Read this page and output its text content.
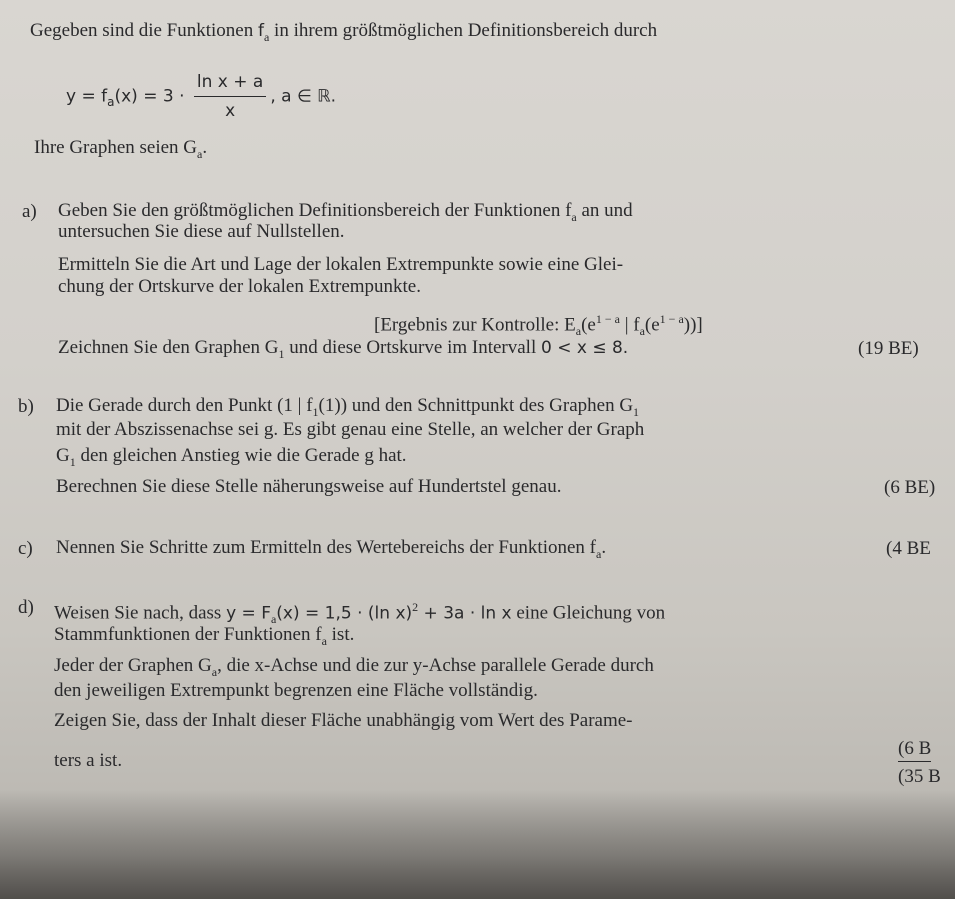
Gegeben sind die Funktionen $f_a$ in ihrem größtmöglichen Definitionsbereich durch
$y = f_a(x) = 3 \cdot \frac{\text{ln x + a}}{x}$ , a ∈ ℝ.
Ihre Graphen seien $G_a$.
a) Geben Sie den größtmöglichen Definitionsbereich der Funktionen $f_a$ an und
untersuchen Sie diese auf Nullstellen.
Ermitteln Sie die Art und Lage der lokalen Extrempunkte sowie eine Glei-
chung der Ortskurve der lokalen Extrempunkte.
[Ergebnis zur Kontrolle: $E_a(e^{1 - a}$ | $f_a(e^{1 - a})$)]
Zeichnen Sie den Graphen $G_1$ und diese Ortskurve im Intervall 0 < x ≤ 8.	(19 BE)
b) Die Gerade durch den Punkt (1 | $f_1(1)$) und den Schnittpunkt des Graphen $G_1$
mit der Abszissenachse sei g. Es gibt genau eine Stelle, an welcher der Graph
$G_1$ den gleichen Anstieg wie die Gerade g hat.
Berechnen Sie diese Stelle näherungsweise auf Hundertstel genau.	(6 BE)
c) Nennen Sie Schritte zum Ermitteln des Wertebereichs der Funktionen $f_a$.	(4 BE
d) Weisen Sie nach, dass $y = F_a(x) = 1,5 \cdot (\ln$ x)$^2$ + 3a · ln x eine Gleichung von
Stammfunktionen der Funktionen $f_a$ ist.
Jeder der Graphen $G_a$, die x-Achse und die zur y-Achse parallele Gerade durch
den jeweiligen Extrempunkt begrenzen eine Fläche vollständig.
Zeigen Sie, dass der Inhalt dieser Fläche unabhängig vom Wert des Parame-
ters a ist.
(6 B
(35 B
